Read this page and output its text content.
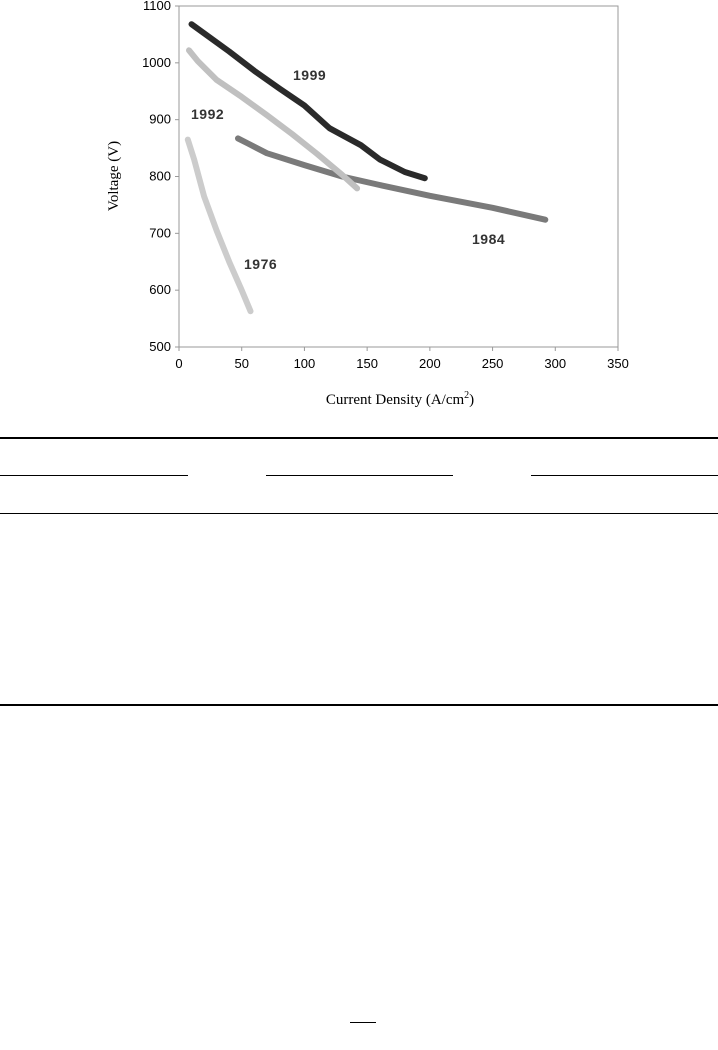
500
600
700
800
900
1000
1100
0	50	100	150	200	250	300	350
Voltage (V)
Current Density $(A/cm^2)$
1999
1992
1984
1976
